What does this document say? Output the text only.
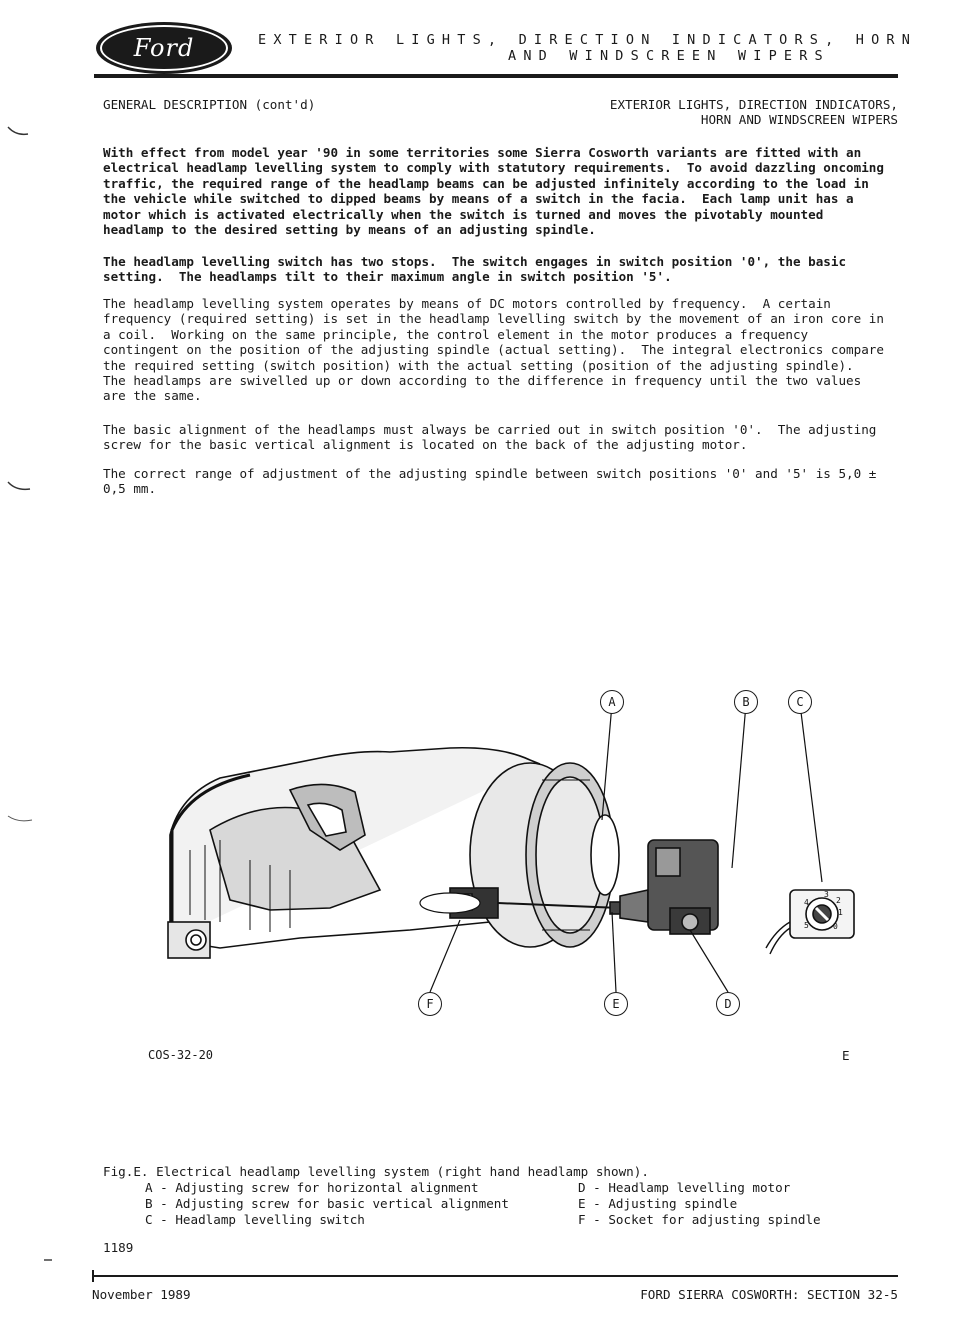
Ford	EXTERIOR LIGHTS, DIRECTION INDICATORS, HORN
AND WINDSCREEN WIPERS
GENERAL DESCRIPTION (cont'd)	EXTERIOR LIGHTS, DIRECTION INDICATORS,
HORN AND WINDSCREEN WIPERS
With effect from model year '90 in some territories some Sierra Cosworth variants are fitted with an
electrical headlamp levelling system to comply with statutory requirements.  To avoid dazzling oncoming
traffic, the required range of the headlamp beams can be adjusted infinitely according to the load in
the vehicle while switched to dipped beams by means of a switch in the facia.  Each lamp unit has a
motor which is activated electrically when the switch is turned and moves the pivotably mounted
headlamp to the desired setting by means of an adjusting spindle.
The headlamp levelling switch has two stops.  The switch engages in switch position '0', the basic
setting.  The headlamps tilt to their maximum angle in switch position '5'.
The headlamp levelling system operates by means of DC motors controlled by frequency.  A certain
frequency (required setting) is set in the headlamp levelling switch by the movement of an iron core in
a coil.  Working on the same principle, the control element in the motor produces a frequency
contingent on the position of the adjusting spindle (actual setting).  The integral electronics compare
the required setting (switch position) with the actual setting (position of the adjusting spindle).
The headlamps are swivelled up or down according to the difference in frequency until the two values
are the same.
The basic alignment of the headlamps must always be carried out in switch position '0'.  The adjusting
screw for the basic vertical alignment is located on the back of the adjusting motor.
The correct range of adjustment of the adjusting spindle between switch positions '0' and '5' is 5,0 ±
0,5 mm.
0
1
2
3
4
5
A	B	C
D
E
F
COS-32-20	E
Fig.E. Electrical headlamp levelling system (right hand headlamp shown).
A - Adjusting screw for horizontal alignment
B - Adjusting screw for basic vertical alignment
C - Headlamp levelling switch
D - Headlamp levelling motor
E - Adjusting spindle
F - Socket for adjusting spindle
1189
November 1989	FORD SIERRA COSWORTH: SECTION 32-5
